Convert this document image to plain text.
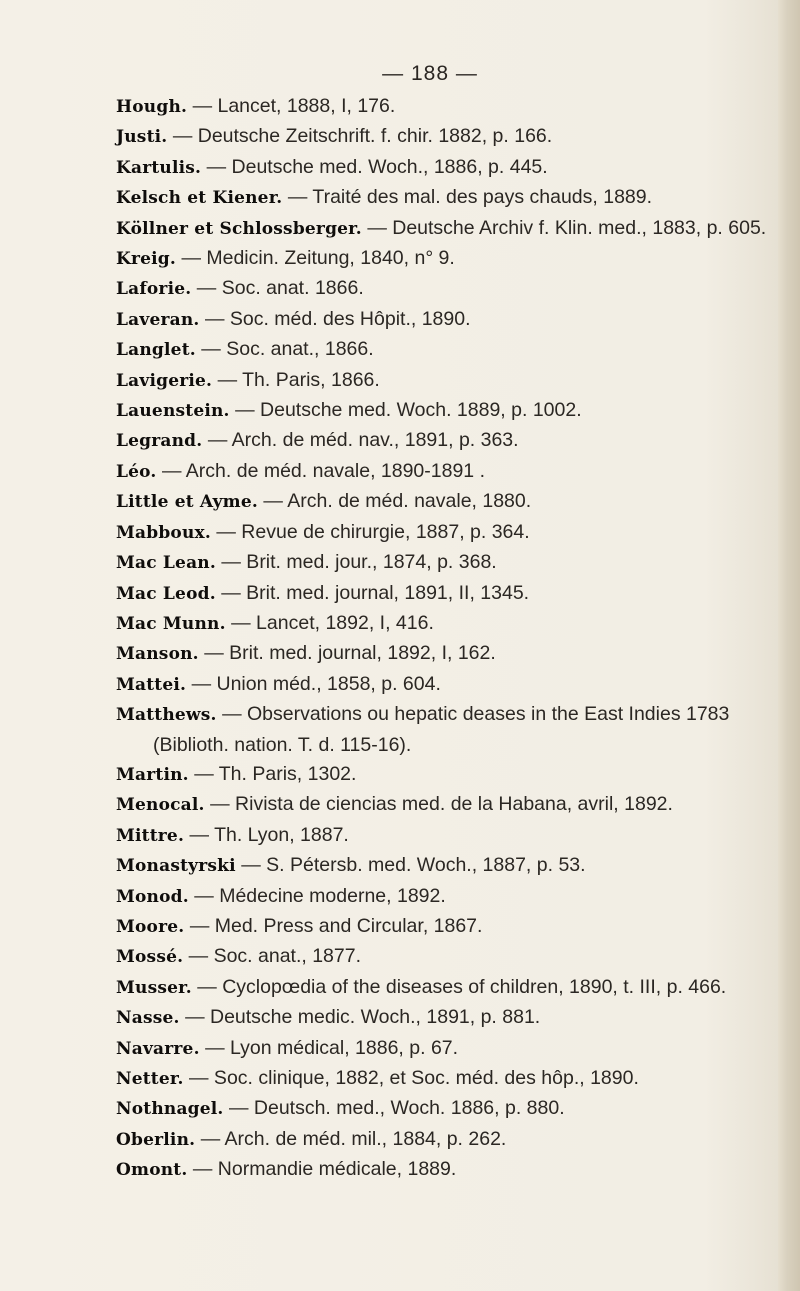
— 188 —
Hough. — Lancet, 1888, I, 176.
Justi. — Deutsche Zeitschrift. f. chir. 1882, p. 166.
Kartulis. — Deutsche med. Woch., 1886, p. 445.
Kelsch et Kiener. — Traité des mal. des pays chauds, 1889.
Köllner et Schlossberger. — Deutsche Archiv f. Klin. med., 1883, p. 605.
Kreig. — Medicin. Zeitung, 1840, n° 9.
Laforie. — Soc. anat. 1866.
Laveran. — Soc. méd. des Hôpit., 1890.
Langlet. — Soc. anat., 1866.
Lavigerie. — Th. Paris, 1866.
Lauenstein. — Deutsche med. Woch. 1889, p. 1002.
Legrand. — Arch. de méd. nav., 1891, p. 363.
Léo. — Arch. de méd. navale, 1890-1891 .
Little et Ayme. — Arch. de méd. navale, 1880.
Mabboux. — Revue de chirurgie, 1887, p. 364.
Mac Lean. — Brit. med. jour., 1874, p. 368.
Mac Leod. — Brit. med. journal, 1891, II, 1345.
Mac Munn. — Lancet, 1892, I, 416.
Manson. — Brit. med. journal, 1892, I, 162.
Mattei. — Union méd., 1858, p. 604.
Matthews. — Observations ou hepatic deases in the East Indies 1783 (Biblioth. nation. T. d. 115-16).
Martin. — Th. Paris, 1302.
Menocal. — Rivista de ciencias med. de la Habana, avril, 1892.
Mittre. — Th. Lyon, 1887.
Monastyrski — S. Pétersb. med. Woch., 1887, p. 53.
Monod. — Médecine moderne, 1892.
Moore. — Med. Press and Circular, 1867.
Mossé. — Soc. anat., 1877.
Musser. — Cyclopœdia of the diseases of children, 1890, t. III, p. 466.
Nasse. — Deutsche medic. Woch., 1891, p. 881.
Navarre. — Lyon médical, 1886, p. 67.
Netter. — Soc. clinique, 1882, et Soc. méd. des hôp., 1890.
Nothnagel. — Deutsch. med., Woch. 1886, p. 880.
Oberlin. — Arch. de méd. mil., 1884, p. 262.
Omont. — Normandie médicale, 1889.
